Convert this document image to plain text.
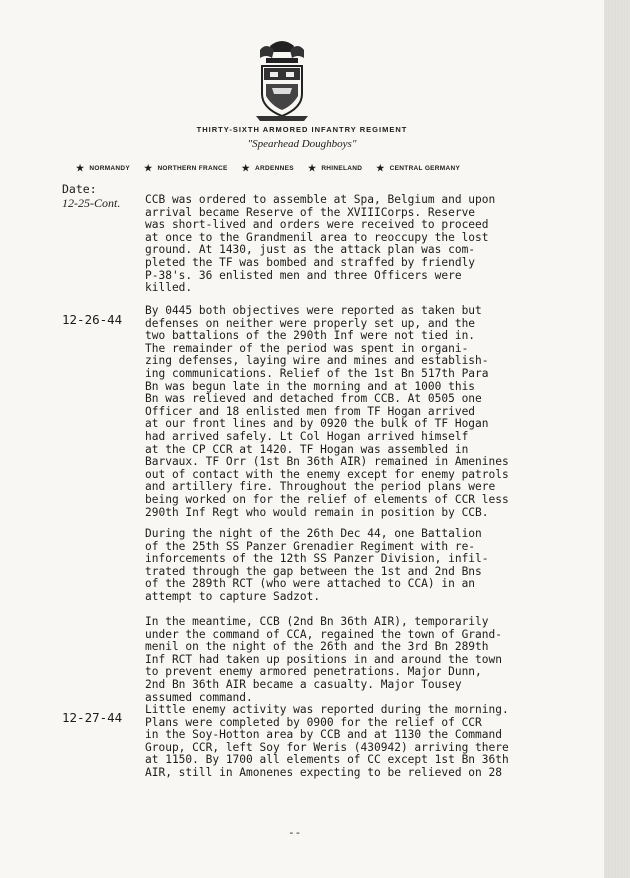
THIRTY-SIXTH ARMORED INFANTRY REGIMENT
"Spearhead Doughboys"
★ NORMANDY ★ NORTHERN FRANCE ★ ARDENNES ★ RHINELAND ★ CENTRAL GERMANY
Date:
12-25-Cont. CCB was ordered to assemble at Spa, Belgium and upon
arrival became Reserve of the XVIIICorps. Reserve
was short-lived and orders were received to proceed
at once to the Grandmenil area to reoccupy the lost
ground. At 1430, just as the attack plan was com-
pleted the TF was bombed and straffed by friendly
P-38's. 36 enlisted men and three Officers were
killed.
12-26-44
By 0445 both objectives were reported as taken but
defenses on neither were properly set up, and the
two battalions of the 290th Inf were not tied in.
The remainder of the period was spent in organi-
zing defenses, laying wire and mines and establish-
ing communications. Relief of the 1st Bn 517th Para
Bn was begun late in the morning and at 1000 this
Bn was relieved and detached from CCB. At 0505 one
Officer and 18 enlisted men from TF Hogan arrived
at our front lines and by 0920 the bulk of TF Hogan
had arrived safely. Lt Col Hogan arrived himself
at the CP CCR at 1420. TF Hogan was assembled in
Barvaux. TF Orr (1st Bn 36th AIR) remained in Amenines
out of contact with the enemy except for enemy patrols
and artillery fire. Throughout the period plans were
being worked on for the relief of elements of CCR less
290th Inf Regt who would remain in position by CCB.
During the night of the 26th Dec 44, one Battalion
of the 25th SS Panzer Grenadier Regiment with re-
inforcements of the 12th SS Panzer Division, infil-
trated through the gap between the 1st and 2nd Bns
of the 289th RCT (who were attached to CCA) in an
attempt to capture Sadzot.
In the meantime, CCB (2nd Bn 36th AIR), temporarily
under the command of CCA, regained the town of Grand-
menil on the night of the 26th and the 3rd Bn 289th
Inf RCT had taken up positions in and around the town
to prevent enemy armored penetrations. Major Dunn,
2nd Bn 36th AIR became a casualty. Major Tousey
assumed command.
12-27-44
Little enemy activity was reported during the morning.
Plans were completed by 0900 for the relief of CCR
in the Soy-Hotton area by CCB and at 1130 the Command
Group, CCR, left Soy for Weris (430942) arriving there
at 1150. By 1700 all elements of CC except 1st Bn 36th
AIR, still in Amonenes expecting to be relieved on 28
--
